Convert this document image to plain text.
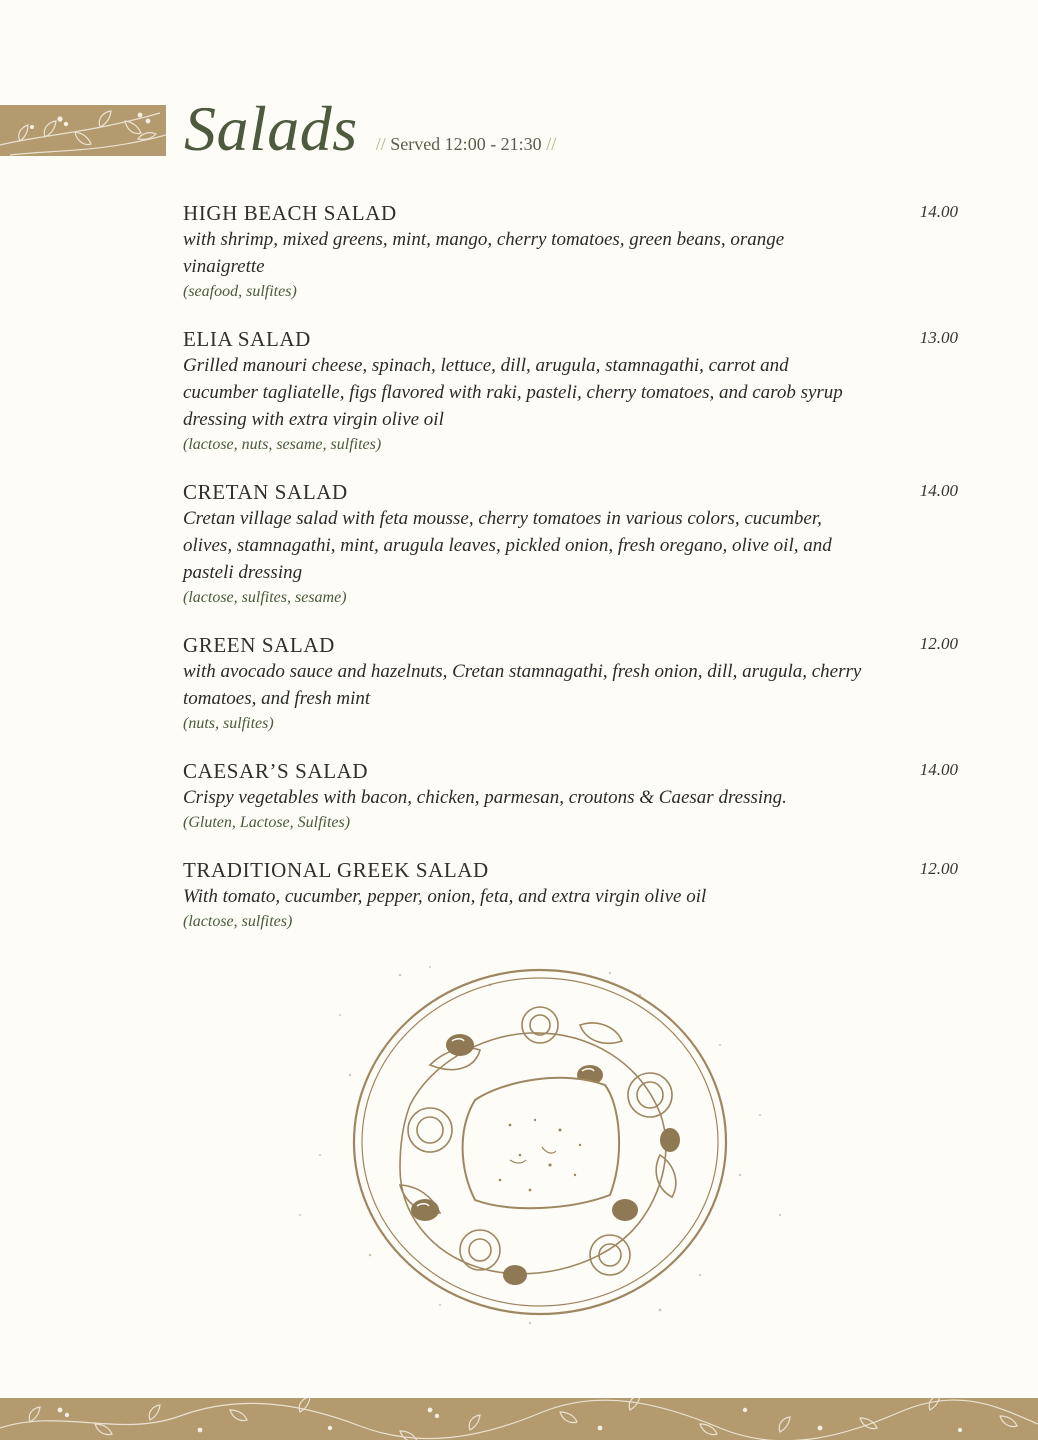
Salads // Served 12:00 - 21:30 //
HIGH BEACH SALAD	14.00
with shrimp, mixed greens, mint, mango, cherry tomatoes, green beans, orange vinaigrette
(seafood, sulfites)
ELIA SALAD	13.00
Grilled manouri cheese, spinach, lettuce, dill, arugula, stamnagathi, carrot and cucumber tagliatelle, figs flavored with raki, pasteli, cherry tomatoes, and carob syrup dressing with extra virgin olive oil
(lactose, nuts, sesame, sulfites)
CRETAN SALAD	14.00
Cretan village salad with feta mousse, cherry tomatoes in various colors, cucumber, olives, stamnagathi, mint, arugula leaves, pickled onion, fresh oregano, olive oil, and pasteli dressing
(lactose, sulfites, sesame)
GREEN SALAD	12.00
with avocado sauce and hazelnuts, Cretan stamnagathi, fresh onion, dill, arugula, cherry tomatoes, and fresh mint
(nuts, sulfites)
CAESAR’S SALAD	14.00
Crispy vegetables with bacon, chicken, parmesan, croutons & Caesar dressing.
(Gluten, Lactose, Sulfites)
TRADITIONAL GREEK SALAD	12.00
With tomato, cucumber, pepper, onion, feta, and extra virgin olive oil
(lactose, sulfites)
